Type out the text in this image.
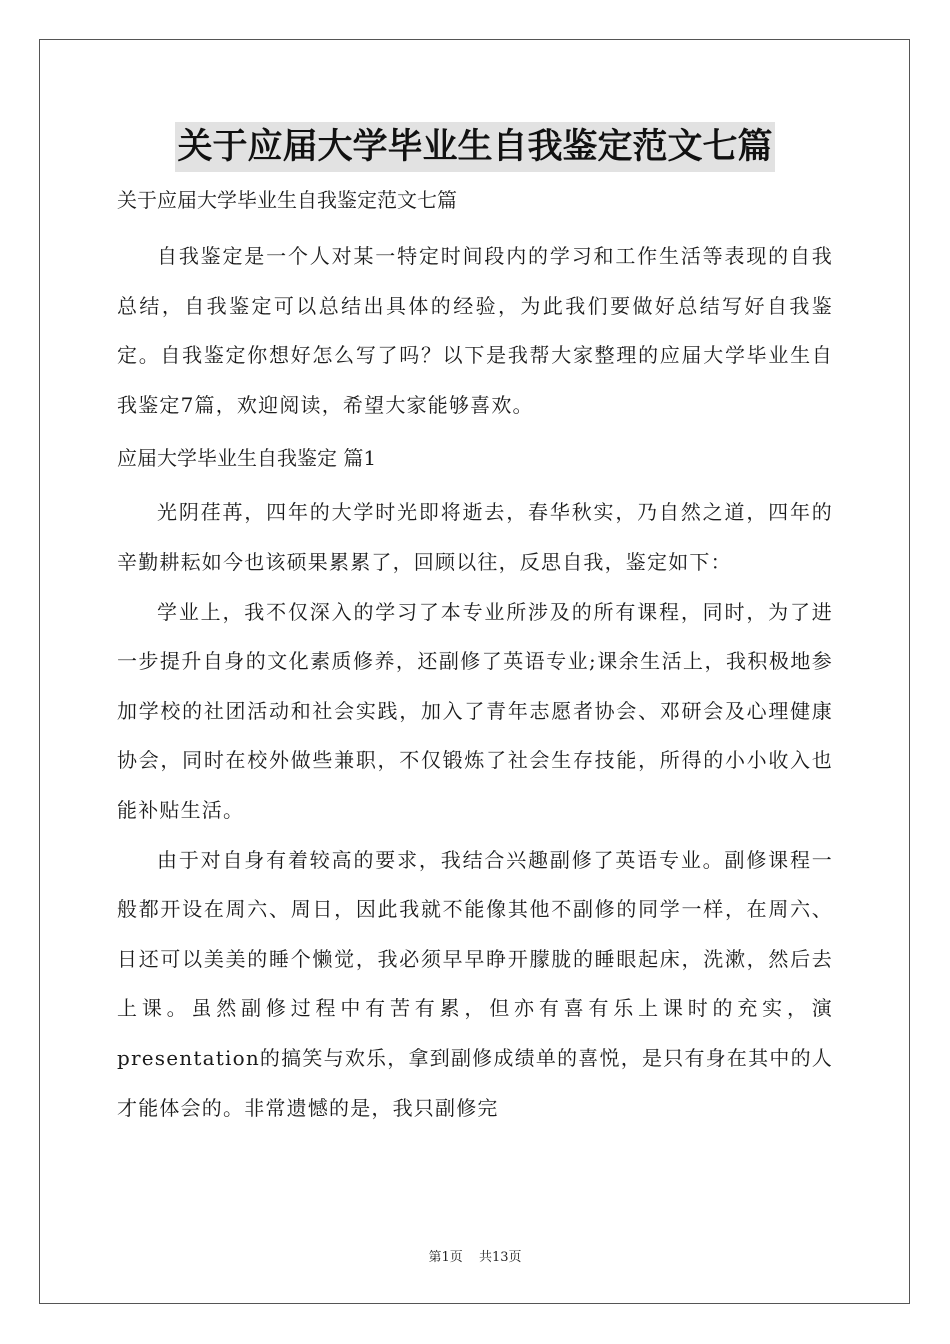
关于应届大学毕业生自我鉴定范文七篇

关于应届大学毕业生自我鉴定范文七篇

自我鉴定是一个人对某一特定时间段内的学习和工作生活等表现的自我总结，自我鉴定可以总结出具体的经验，为此我们要做好总结写好自我鉴定。自我鉴定你想好怎么写了吗？以下是我帮大家整理的应届大学毕业生自我鉴定7篇，欢迎阅读，希望大家能够喜欢。

应届大学毕业生自我鉴定 篇1

光阴荏苒，四年的大学时光即将逝去，春华秋实，乃自然之道，四年的辛勤耕耘如今也该硕果累累了，回顾以往，反思自我，鉴定如下：

学业上，我不仅深入的学习了本专业所涉及的所有课程，同时，为了进一步提升自身的文化素质修养，还副修了英语专业;课余生活上，我积极地参加学校的社团活动和社会实践，加入了青年志愿者协会、邓研会及心理健康协会，同时在校外做些兼职，不仅锻炼了社会生存技能，所得的小小收入也能补贴生活。

由于对自身有着较高的要求，我结合兴趣副修了英语专业。副修课程一般都开设在周六、周日，因此我就不能像其他不副修的同学一样，在周六、日还可以美美的睡个懒觉，我必须早早睁开朦胧的睡眼起床，洗漱，然后去上课。虽然副修过程中有苦有累，但亦有喜有乐上课时的充实，演presentation的搞笑与欢乐，拿到副修成绩单的喜悦，是只有身在其中的人才能体会的。非常遗憾的是，我只副修完

第1页 共13页
